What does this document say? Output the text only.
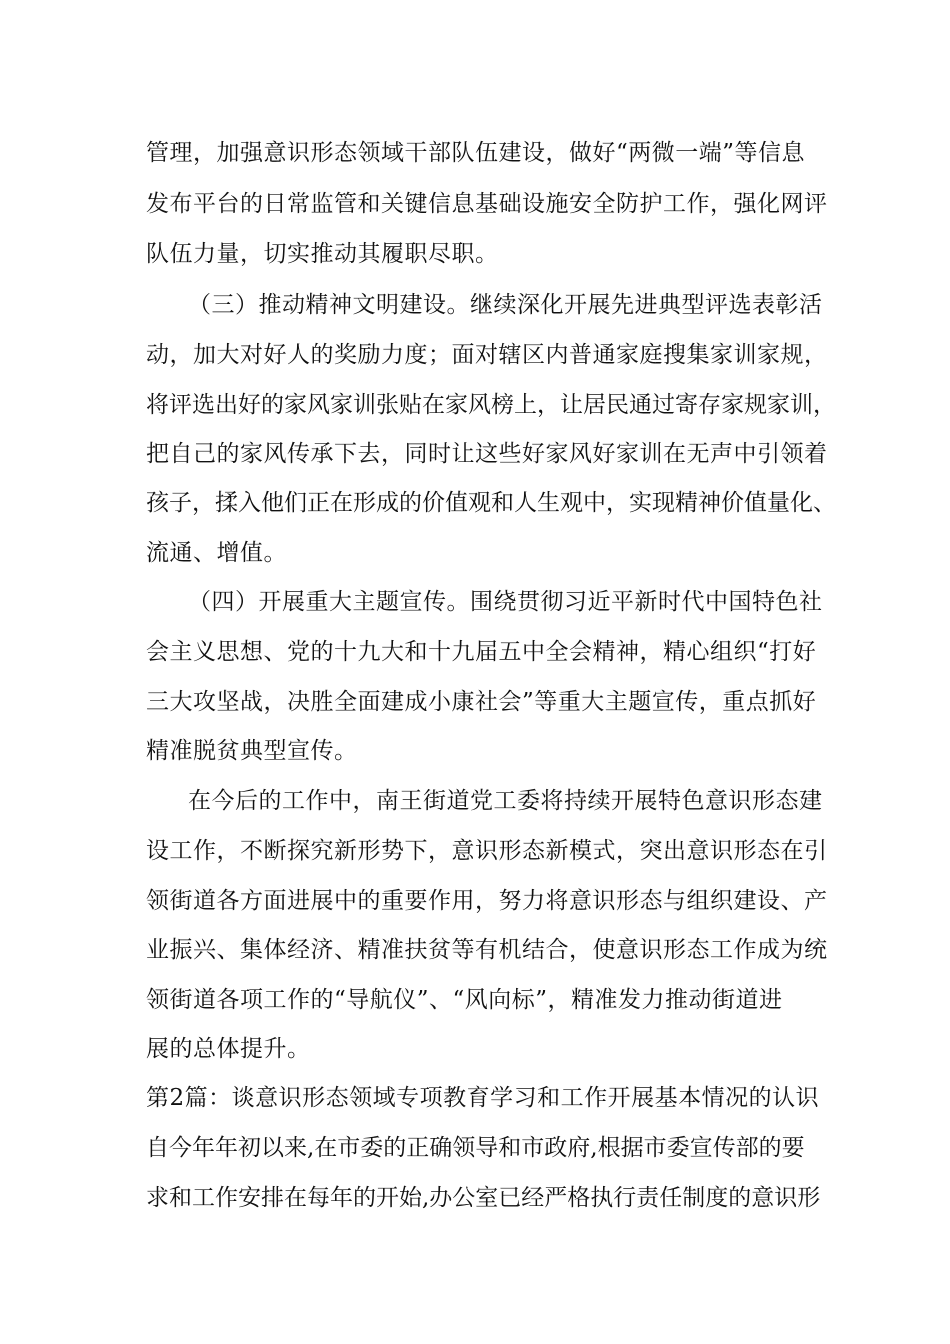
管理，加强意识形态领域干部队伍建设，做好“两微一端”等信息
发布平台的日常监管和关键信息基础设施安全防护工作，强化网评
队伍力量，切实推动其履职尽职。
（三）推动精神文明建设。继续深化开展先进典型评选表彰活
动，加大对好人的奖励力度；面对辖区内普通家庭搜集家训家规，
将评选出好的家风家训张贴在家风榜上，让居民通过寄存家规家训，
把自己的家风传承下去，同时让这些好家风好家训在无声中引领着
孩子，揉入他们正在形成的价值观和人生观中，实现精神价值量化、
流通、增值。
（四）开展重大主题宣传。围绕贯彻习近平新时代中国特色社
会主义思想、党的十九大和十九届五中全会精神，精心组织“打好
三大攻坚战，决胜全面建成小康社会”等重大主题宣传，重点抓好
精准脱贫典型宣传。
在今后的工作中，南王街道党工委将持续开展特色意识形态建
设工作，不断探究新形势下，意识形态新模式，突出意识形态在引
领街道各方面进展中的重要作用，努力将意识形态与组织建设、产
业振兴、集体经济、精准扶贫等有机结合，使意识形态工作成为统
领街道各项工作的“导航仪”、“风向标”，精准发力推动街道进
展的总体提升。
第2篇：谈意识形态领域专项教育学习和工作开展基本情况的认识
自今年年初以来,在市委的正确领导和市政府,根据市委宣传部的要
求和工作安排在每年的开始,办公室已经严格执行责任制度的意识形
